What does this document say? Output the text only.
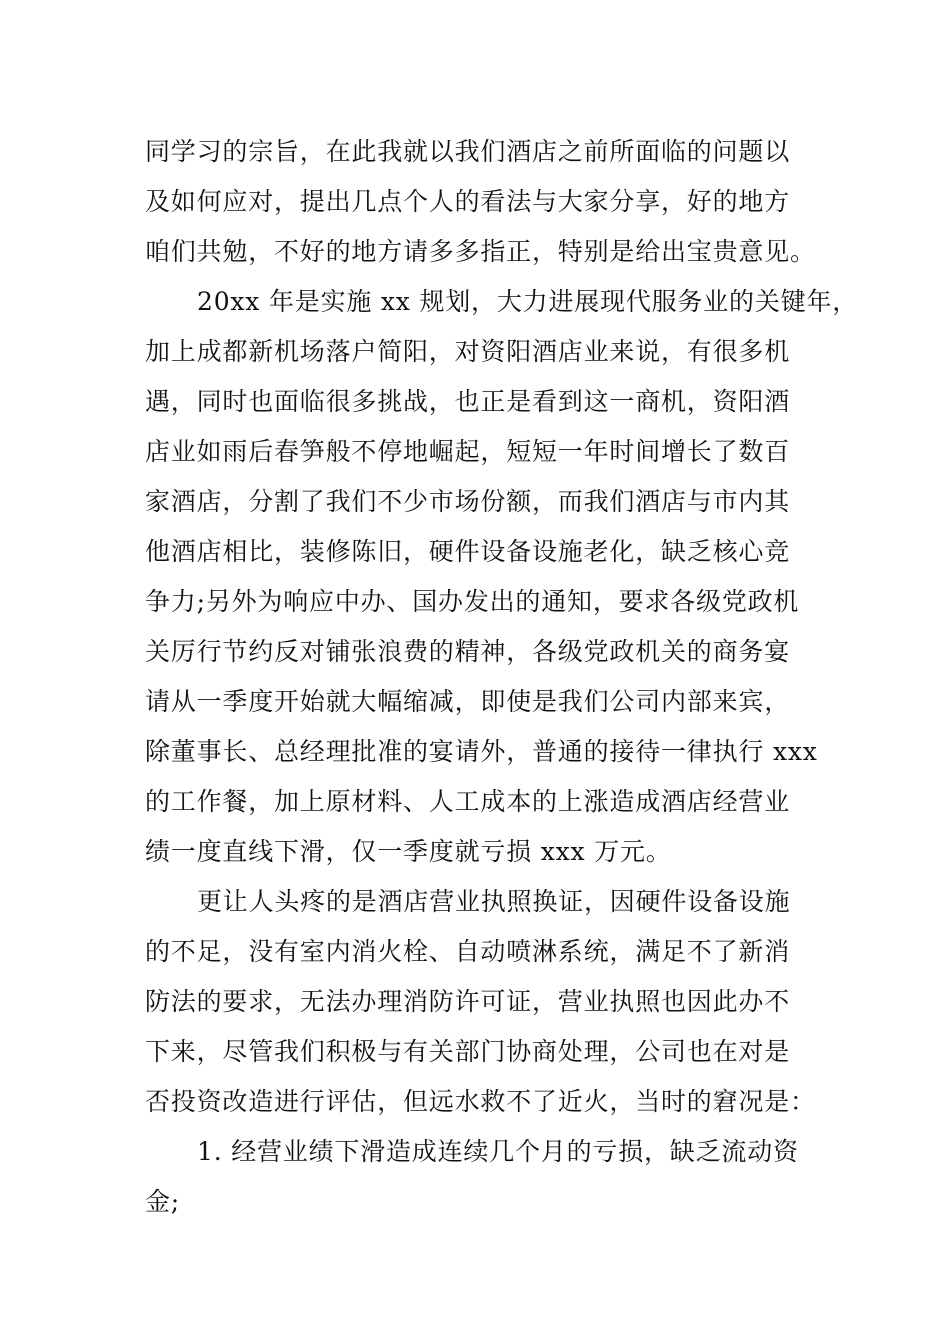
同学习的宗旨，在此我就以我们酒店之前所面临的问题以
及如何应对，提出几点个人的看法与大家分享，好的地方
咱们共勉，不好的地方请多多指正，特别是给出宝贵意见。
20xx 年是实施 xx 规划，大力进展现代服务业的关键年，
加上成都新机场落户简阳，对资阳酒店业来说，有很多机
遇，同时也面临很多挑战，也正是看到这一商机，资阳酒
店业如雨后春笋般不停地崛起，短短一年时间增长了数百
家酒店，分割了我们不少市场份额，而我们酒店与市内其
他酒店相比，装修陈旧，硬件设备设施老化，缺乏核心竞
争力;另外为响应中办、国办发出的通知，要求各级党政机
关厉行节约反对铺张浪费的精神，各级党政机关的商务宴
请从一季度开始就大幅缩减，即使是我们公司内部来宾，
除董事长、总经理批准的宴请外，普通的接待一律执行 xxx
的工作餐，加上原材料、人工成本的上涨造成酒店经营业
绩一度直线下滑，仅一季度就亏损 xxx 万元。
更让人头疼的是酒店营业执照换证，因硬件设备设施
的不足，没有室内消火栓、自动喷淋系统，满足不了新消
防法的要求，无法办理消防许可证，营业执照也因此办不
下来，尽管我们积极与有关部门协商处理，公司也在对是
否投资改造进行评估，但远水救不了近火，当时的窘况是：
1. 经营业绩下滑造成连续几个月的亏损，缺乏流动资
金;
